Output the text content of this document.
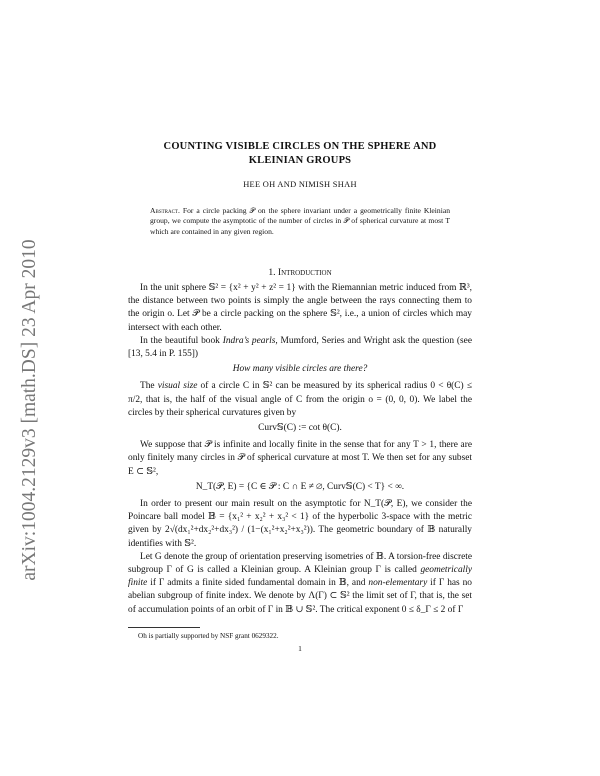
arXiv:1004.2129v3 [math.DS] 23 Apr 2010
COUNTING VISIBLE CIRCLES ON THE SPHERE AND
KLEINIAN GROUPS
HEE OH AND NIMISH SHAH
Abstract. For a circle packing 𝒫 on the sphere invariant under a geometrically finite Kleinian group, we compute the asymptotic of the number of circles in 𝒫 of spherical curvature at most T which are contained in any given region.
1. Introduction

In the unit sphere 𝕊² = {x² + y² + z² = 1} with the Riemannian metric induced from ℝ³, the distance between two points is simply the angle between the rays connecting them to the origin o. Let 𝒫 be a circle packing on the sphere 𝕊², i.e., a union of circles which may intersect with each other.

In the beautiful book Indra’s pearls, Mumford, Series and Wright ask the question (see [13, 5.4 in P. 155])

How many visible circles are there?

The visual size of a circle C in 𝕊² can be measured by its spherical radius 0 < θ(C) ≤ π/2, that is, the half of the visual angle of C from the origin o = (0, 0, 0). We label the circles by their spherical curvatures given by

Curv𝕊(C) := cot θ(C).

We suppose that 𝒫 is infinite and locally finite in the sense that for any T > 1, there are only finitely many circles in 𝒫 of spherical curvature at most T. We then set for any subset E ⊂ 𝕊²,

N_T(𝒫, E) = {C ∈ 𝒫 : C ∩ E ≠ ∅, Curv𝕊(C) < T} < ∞.

In order to present our main result on the asymptotic for N_T(𝒫, E), we consider the Poincare ball model 𝔹 = {x₁² + x₂² + x₃² < 1} of the hyperbolic 3-space with the metric given by 2√(dx₁²+dx₂²+dx₃²) / (1−(x₁²+x₂²+x₃²)). The geometric boundary of 𝔹 naturally identifies with 𝕊².

Let G denote the group of orientation preserving isometries of 𝔹. A torsion-free discrete subgroup Γ of G is called a Kleinian group. A Kleinian group Γ is called geometrically finite if Γ admits a finite sided fundamental domain in 𝔹, and non-elementary if Γ has no abelian subgroup of finite index. We denote by Λ(Γ) ⊂ 𝕊² the limit set of Γ, that is, the set of accumulation points of an orbit of Γ in 𝔹 ∪ 𝕊². The critical exponent 0 ≤ δ_Γ ≤ 2 of Γ

Oh is partially supported by NSF grant 0629322.

1
